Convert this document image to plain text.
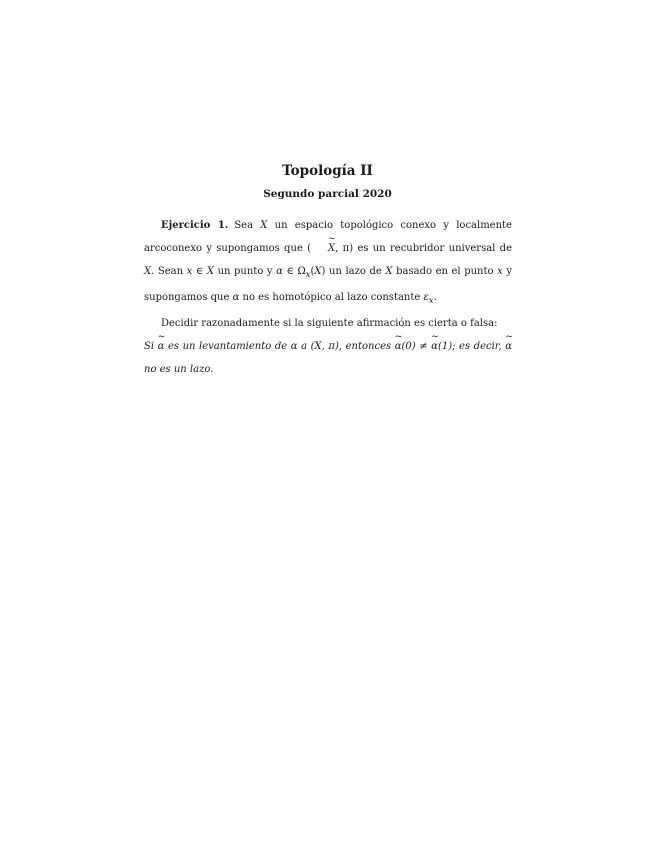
Topología II
Segundo parcial 2020

Ejercicio 1. Sea X un espacio topológico conexo y localmente arcoconexo y supongamos que (~ X, π) es un recubridor universal de X. Sean x ∈ X un punto y α ∈ $\Omega_x(X)$ un lazo de X basado en el punto x y supongamos que α no es homotópico al lazo constante $\varepsilon_x$.

Decidir razonadamente si la siguiente afirmación es cierta o falsa:

Si ~ α es un levantamiento de α a (X, π), entonces ~ α(0) ≠ ~ α(1); es decir, ~ α no es un lazo.
